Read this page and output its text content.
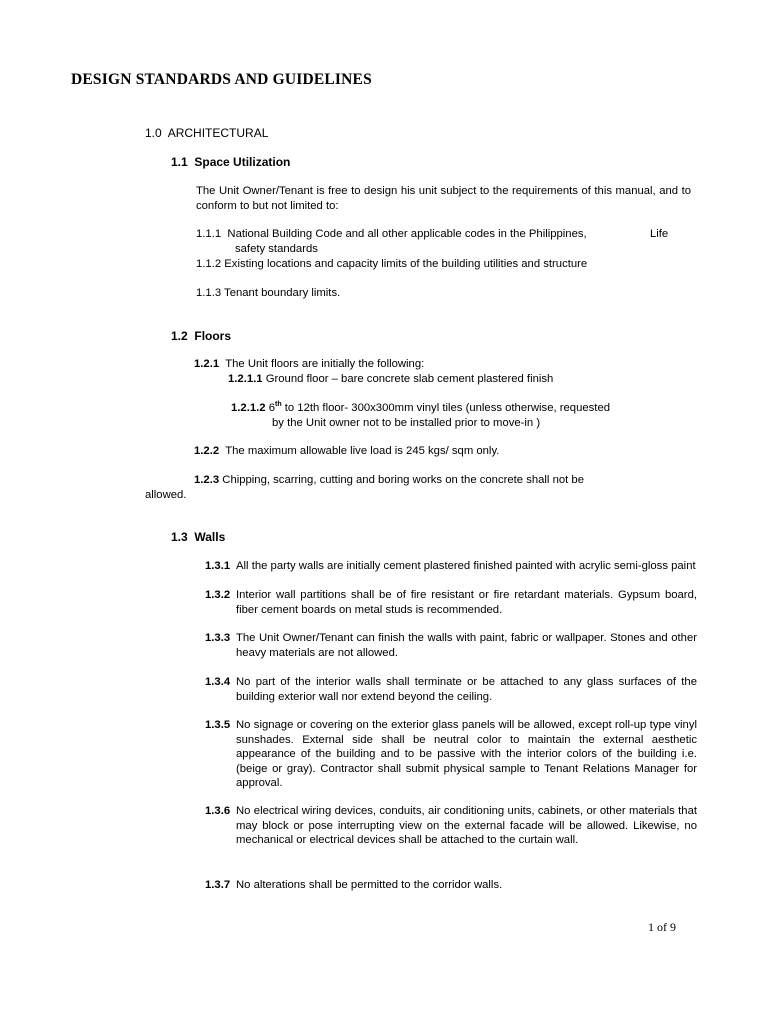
DESIGN STANDARDS AND GUIDELINES
1.0 ARCHITECTURAL
1.1 Space Utilization
The Unit Owner/Tenant is free to design his unit subject to the requirements of this manual, and to conform to but not limited to:
1.1.1 National Building Code and all other applicable codes in the Philippines,	Life
safety standards
1.1.2 Existing locations and capacity limits of the building utilities and structure
1.1.3 Tenant boundary limits.
1.2 Floors
1.2.1 The Unit floors are initially the following:
1.2.1.1 Ground floor – bare concrete slab cement plastered finish
1.2.1.2 6th to 12th floor- 300x300mm vinyl tiles (unless otherwise, requested
by the Unit owner not to be installed prior to move-in )
1.2.2 The maximum allowable live load is 245 kgs/ sqm only.
1.2.3 Chipping, scarring, cutting and boring works on the concrete shall not be
allowed.
1.3 Walls
1.3.1 All the party walls are initially cement plastered finished painted with acrylic semi-gloss paint
1.3.2 Interior wall partitions shall be of fire resistant or fire retardant materials. Gypsum board, fiber cement boards on metal studs is recommended.
1.3.3 The Unit Owner/Tenant can finish the walls with paint, fabric or wallpaper. Stones and other heavy materials are not allowed.
1.3.4 No part of the interior walls shall terminate or be attached to any glass surfaces of the building exterior wall nor extend beyond the ceiling.
1.3.5 No signage or covering on the exterior glass panels will be allowed, except roll-up type vinyl sunshades. External side shall be neutral color to maintain the external aesthetic appearance of the building and to be passive with the interior colors of the building i.e. (beige or gray). Contractor shall submit physical sample to Tenant Relations Manager for approval.
1.3.6 No electrical wiring devices, conduits, air conditioning units, cabinets, or other materials that may block or pose interrupting view on the external facade will be allowed. Likewise, no mechanical or electrical devices shall be attached to the curtain wall.
1.3.7 No alterations shall be permitted to the corridor walls.
1 of 9
